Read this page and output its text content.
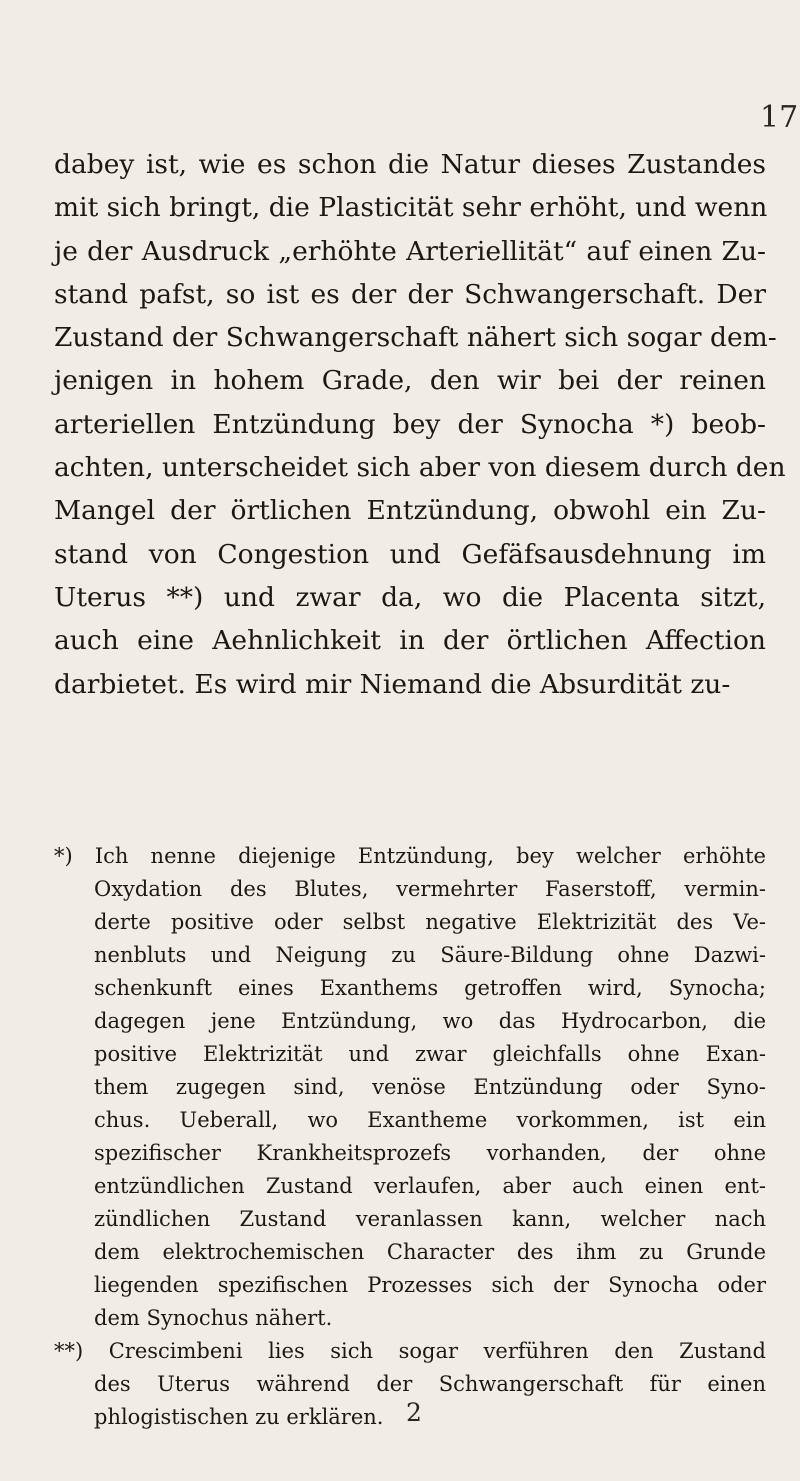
17
dabey ist, wie es schon die Natur dieses Zustandes
mit sich bringt, die Plasticität sehr erhöht, und wenn
je der Ausdruck „erhöhte Arteriellität“ auf einen Zu-
stand pafst, so ist es der der Schwangerschaft. Der
Zustand der Schwangerschaft nähert sich sogar dem-
jenigen in hohem Grade, den wir bei der reinen
arteriellen Entzündung bey der Synocha *) beob-
achten, unterscheidet sich aber von diesem durch den
Mangel der örtlichen Entzündung, obwohl ein Zu-
stand von Congestion und Gefäfsausdehnung im
Uterus **) und zwar da, wo die Placenta sitzt,
auch eine Aehnlichkeit in der örtlichen Affection
darbietet. Es wird mir Niemand die Absurdität zu-
*) Ich nenne diejenige Entzündung, bey welcher erhöhte
Oxydation des Blutes, vermehrter Faserstoff, vermin-
derte positive oder selbst negative Elektrizität des Ve-
nenbluts und Neigung zu Säure-Bildung ohne Dazwi-
schenkunft eines Exanthems getroffen wird, Synocha;
dagegen jene Entzündung, wo das Hydrocarbon, die
positive Elektrizität und zwar gleichfalls ohne Exan-
them zugegen sind, venöse Entzündung oder Syno-
chus. Ueberall, wo Exantheme vorkommen, ist ein
spezifischer Krankheitsprozefs vorhanden, der ohne
entzündlichen Zustand verlaufen, aber auch einen ent-
zündlichen Zustand veranlassen kann, welcher nach
dem elektrochemischen Character des ihm zu Grunde
liegenden spezifischen Prozesses sich der Synocha oder
dem Synochus nähert.
**) Crescimbeni lies sich sogar verführen den Zustand
des Uterus während der Schwangerschaft für einen
phlogistischen zu erklären. 2
